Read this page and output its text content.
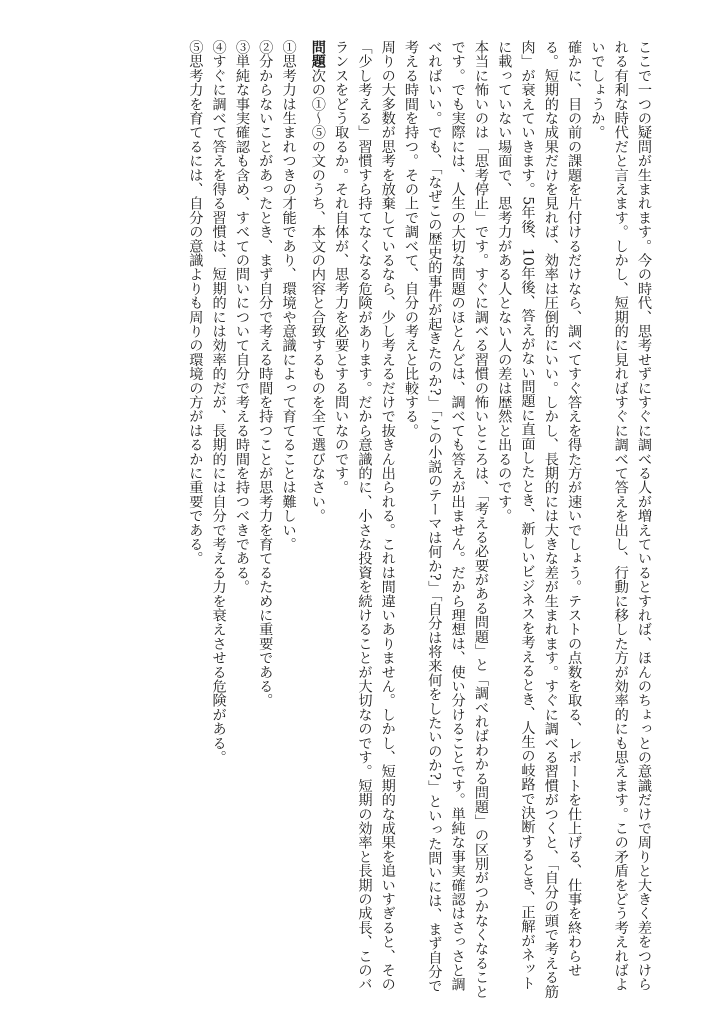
ここで一つの疑問が生まれます。今の時代、思考せずにすぐに調べる人が増えているとすれば、ほんのちょっとの意識だけで周りと大きく差をつけられる有利な時代だと言えます。しかし、短期的に見ればすぐに調べて答えを出し、行動に移した方が効率的にも思えます。この矛盾をどう考えればよいでしょうか。

確かに、目の前の課題を片付けるだけなら、調べてすぐ答えを得た方が速いでしょう。テストの点数を取る、レポートを仕上げる、仕事を終わらせる。短期的な成果だけを見れば、効率は圧倒的にいい。しかし、長期的には大きな差が生まれます。すぐに調べる習慣がつくと、「自分の頭で考える筋肉」が衰えていきます。5年後、10年後、答えがない問題に直面したとき、新しいビジネスを考えるとき、人生の岐路で決断するとき、正解がネットに載っていない場面で、思考力がある人とない人の差は歴然と出るのです。

本当に怖いのは「思考停止」です。すぐに調べる習慣の怖いところは、「考える必要がある問題」と「調べればわかる問題」の区別がつかなくなることです。でも実際には、人生の大切な問題のほとんどは、調べても答えが出ません。だから理想は、使い分けることです。単純な事実確認はさっさと調べればいい。でも、「なぜこの歴史的事件が起きたのか?」「この小説のテーマは何か?」「自分は将来何をしたいのか?」といった問いには、まず自分で考える時間を持つ。その上で調べて、自分の考えと比較する。

周りの大多数が思考を放棄しているなら、少し考えるだけで抜きん出られる。これは間違いありません。しかし、短期的な成果を追いすぎると、その「少し考える」習慣すら持てなくなる危険があります。だから意識的に、小さな投資を続けることが大切なのです。短期の効率と長期の成長、このバランスをどう取るか。それ自体が、思考力を必要とする問いなのです。

問題次の①〜⑤の文のうち、本文の内容と合致するものを全て選びなさい。

①思考力は生まれつきの才能であり、環境や意識によって育てることは難しい。

②分からないことがあったとき、まず自分で考える時間を持つことが思考力を育てるために重要である。

③単純な事実確認も含め、すべての問いについて自分で考える時間を持つべきである。

④すぐに調べて答えを得る習慣は、短期的には効率的だが、長期的には自分で考える力を衰えさせる危険がある。

⑤思考力を育てるには、自分の意識よりも周りの環境の方がはるかに重要である。
